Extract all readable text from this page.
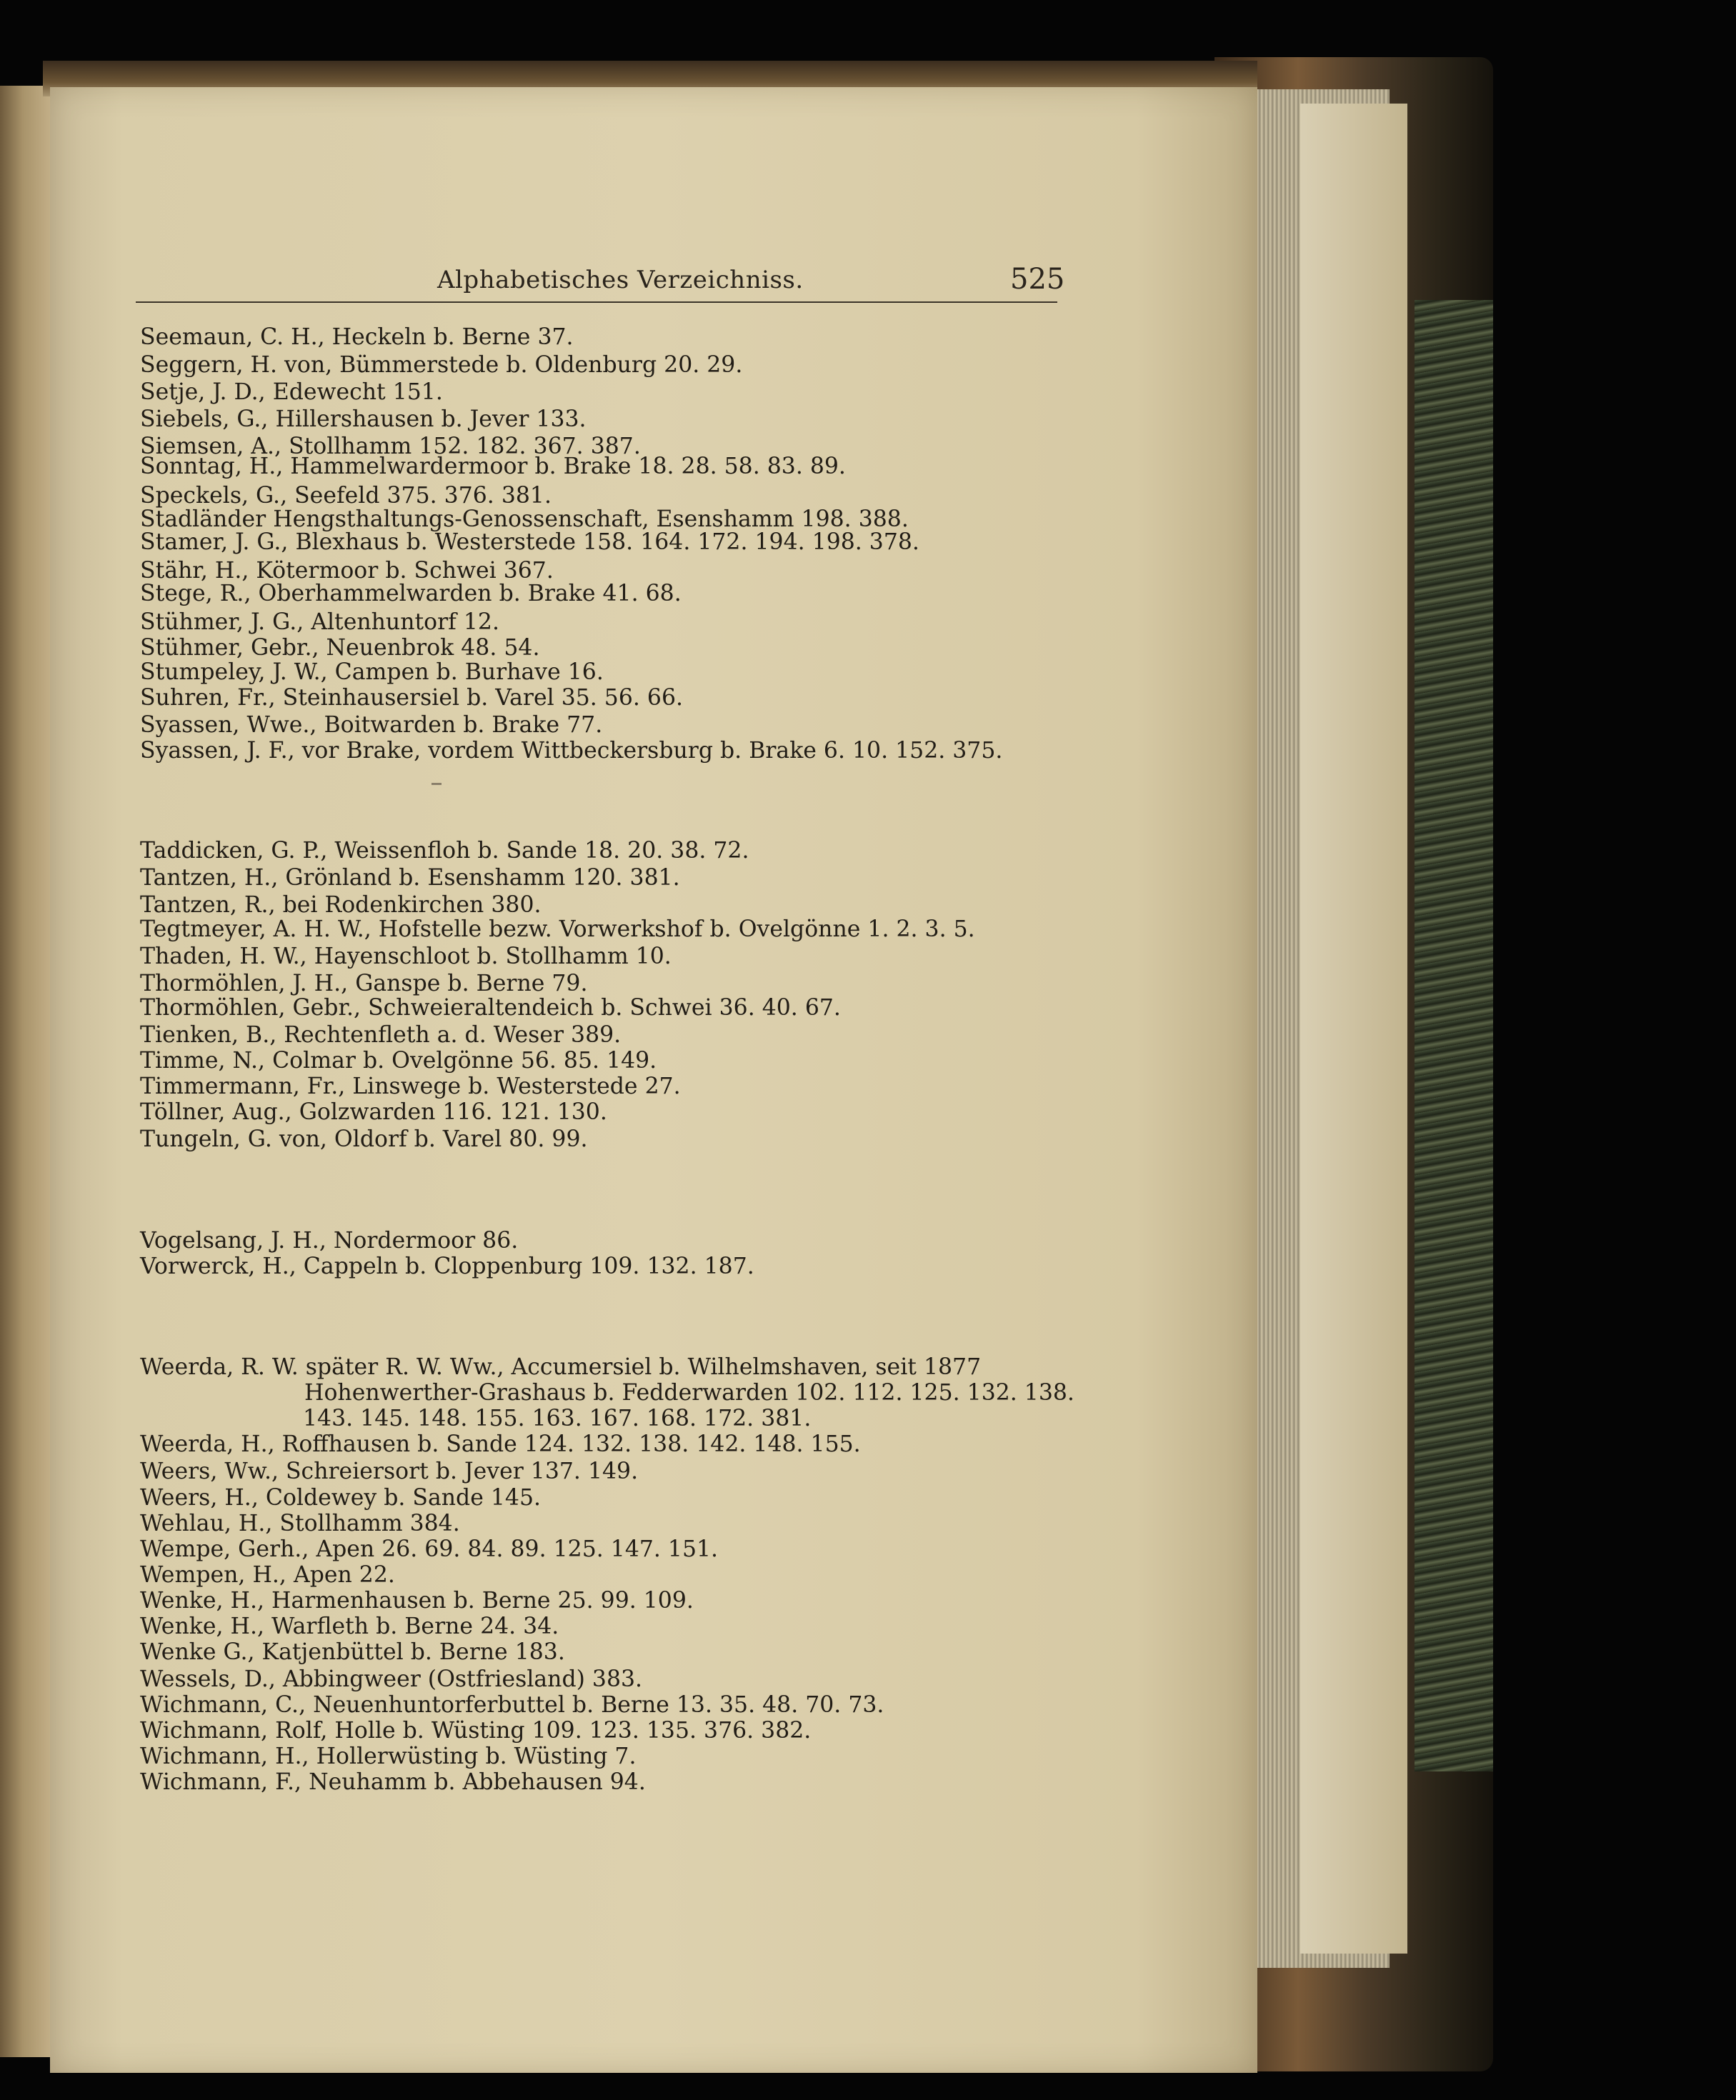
Alphabetisches Verzeichniss.	525
Seemaun, C. H., Heckeln b. Berne 37.
Seggern, H. von, Bümmerstede b. Oldenburg 20. 29.
Setje, J. D., Edewecht 151.
Siebels, G., Hillershausen b. Jever 133.
Siemsen, A., Stollhamm 152. 182. 367. 387.
Sonntag, H., Hammelwardermoor b. Brake 18. 28. 58. 83. 89.
Speckels, G., Seefeld 375. 376. 381.
Stadländer Hengsthaltungs-Genossenschaft, Esenshamm 198. 388.
Stamer, J. G., Blexhaus b. Westerstede 158. 164. 172. 194. 198. 378.
Stähr, H., Kötermoor b. Schwei 367.
Stege, R., Oberhammelwarden b. Brake 41. 68.
Stühmer, J. G., Altenhuntorf 12.
Stühmer, Gebr., Neuenbrok 48. 54.
Stumpeley, J. W., Campen b. Burhave 16.
Suhren, Fr., Steinhausersiel b. Varel 35. 56. 66.
Syassen, Wwe., Boitwarden b. Brake 77.
Syassen, J. F., vor Brake, vordem Wittbeckersburg b. Brake 6. 10. 152. 375.
Taddicken, G. P., Weissenfloh b. Sande 18. 20. 38. 72.
Tantzen, H., Grönland b. Esenshamm 120. 381.
Tantzen, R., bei Rodenkirchen 380.
Tegtmeyer, A. H. W., Hofstelle bezw. Vorwerkshof b. Ovelgönne 1. 2. 3. 5.
Thaden, H. W., Hayenschloot b. Stollhamm 10.
Thormöhlen, J. H., Ganspe b. Berne 79.
Thormöhlen, Gebr., Schweieraltendeich b. Schwei 36. 40. 67.
Tienken, B., Rechtenfleth a. d. Weser 389.
Timme, N., Colmar b. Ovelgönne 56. 85. 149.
Timmermann, Fr., Linswege b. Westerstede 27.
Töllner, Aug., Golzwarden 116. 121. 130.
Tungeln, G. von, Oldorf b. Varel 80. 99.
Vogelsang, J. H., Nordermoor 86.
Vorwerck, H., Cappeln b. Cloppenburg 109. 132. 187.
Weerda, R. W. später R. W. Ww., Accumersiel b. Wilhelmshaven, seit 1877
Hohenwerther-Grashaus b. Fedderwarden 102. 112. 125. 132. 138.
143. 145. 148. 155. 163. 167. 168. 172. 381.
Weerda, H., Roffhausen b. Sande 124. 132. 138. 142. 148. 155.
Weers, Ww., Schreiersort b. Jever 137. 149.
Weers, H., Coldewey b. Sande 145.
Wehlau, H., Stollhamm 384.
Wempe, Gerh., Apen 26. 69. 84. 89. 125. 147. 151.
Wempen, H., Apen 22.
Wenke, H., Harmenhausen b. Berne 25. 99. 109.
Wenke, H., Warfleth b. Berne 24. 34.
Wenke G., Katjenbüttel b. Berne 183.
Wessels, D., Abbingweer (Ostfriesland) 383.
Wichmann, C., Neuenhuntorferbuttel b. Berne 13. 35. 48. 70. 73.
Wichmann, Rolf, Holle b. Wüsting 109. 123. 135. 376. 382.
Wichmann, H., Hollerwüsting b. Wüsting 7.
Wichmann, F., Neuhamm b. Abbehausen 94.
